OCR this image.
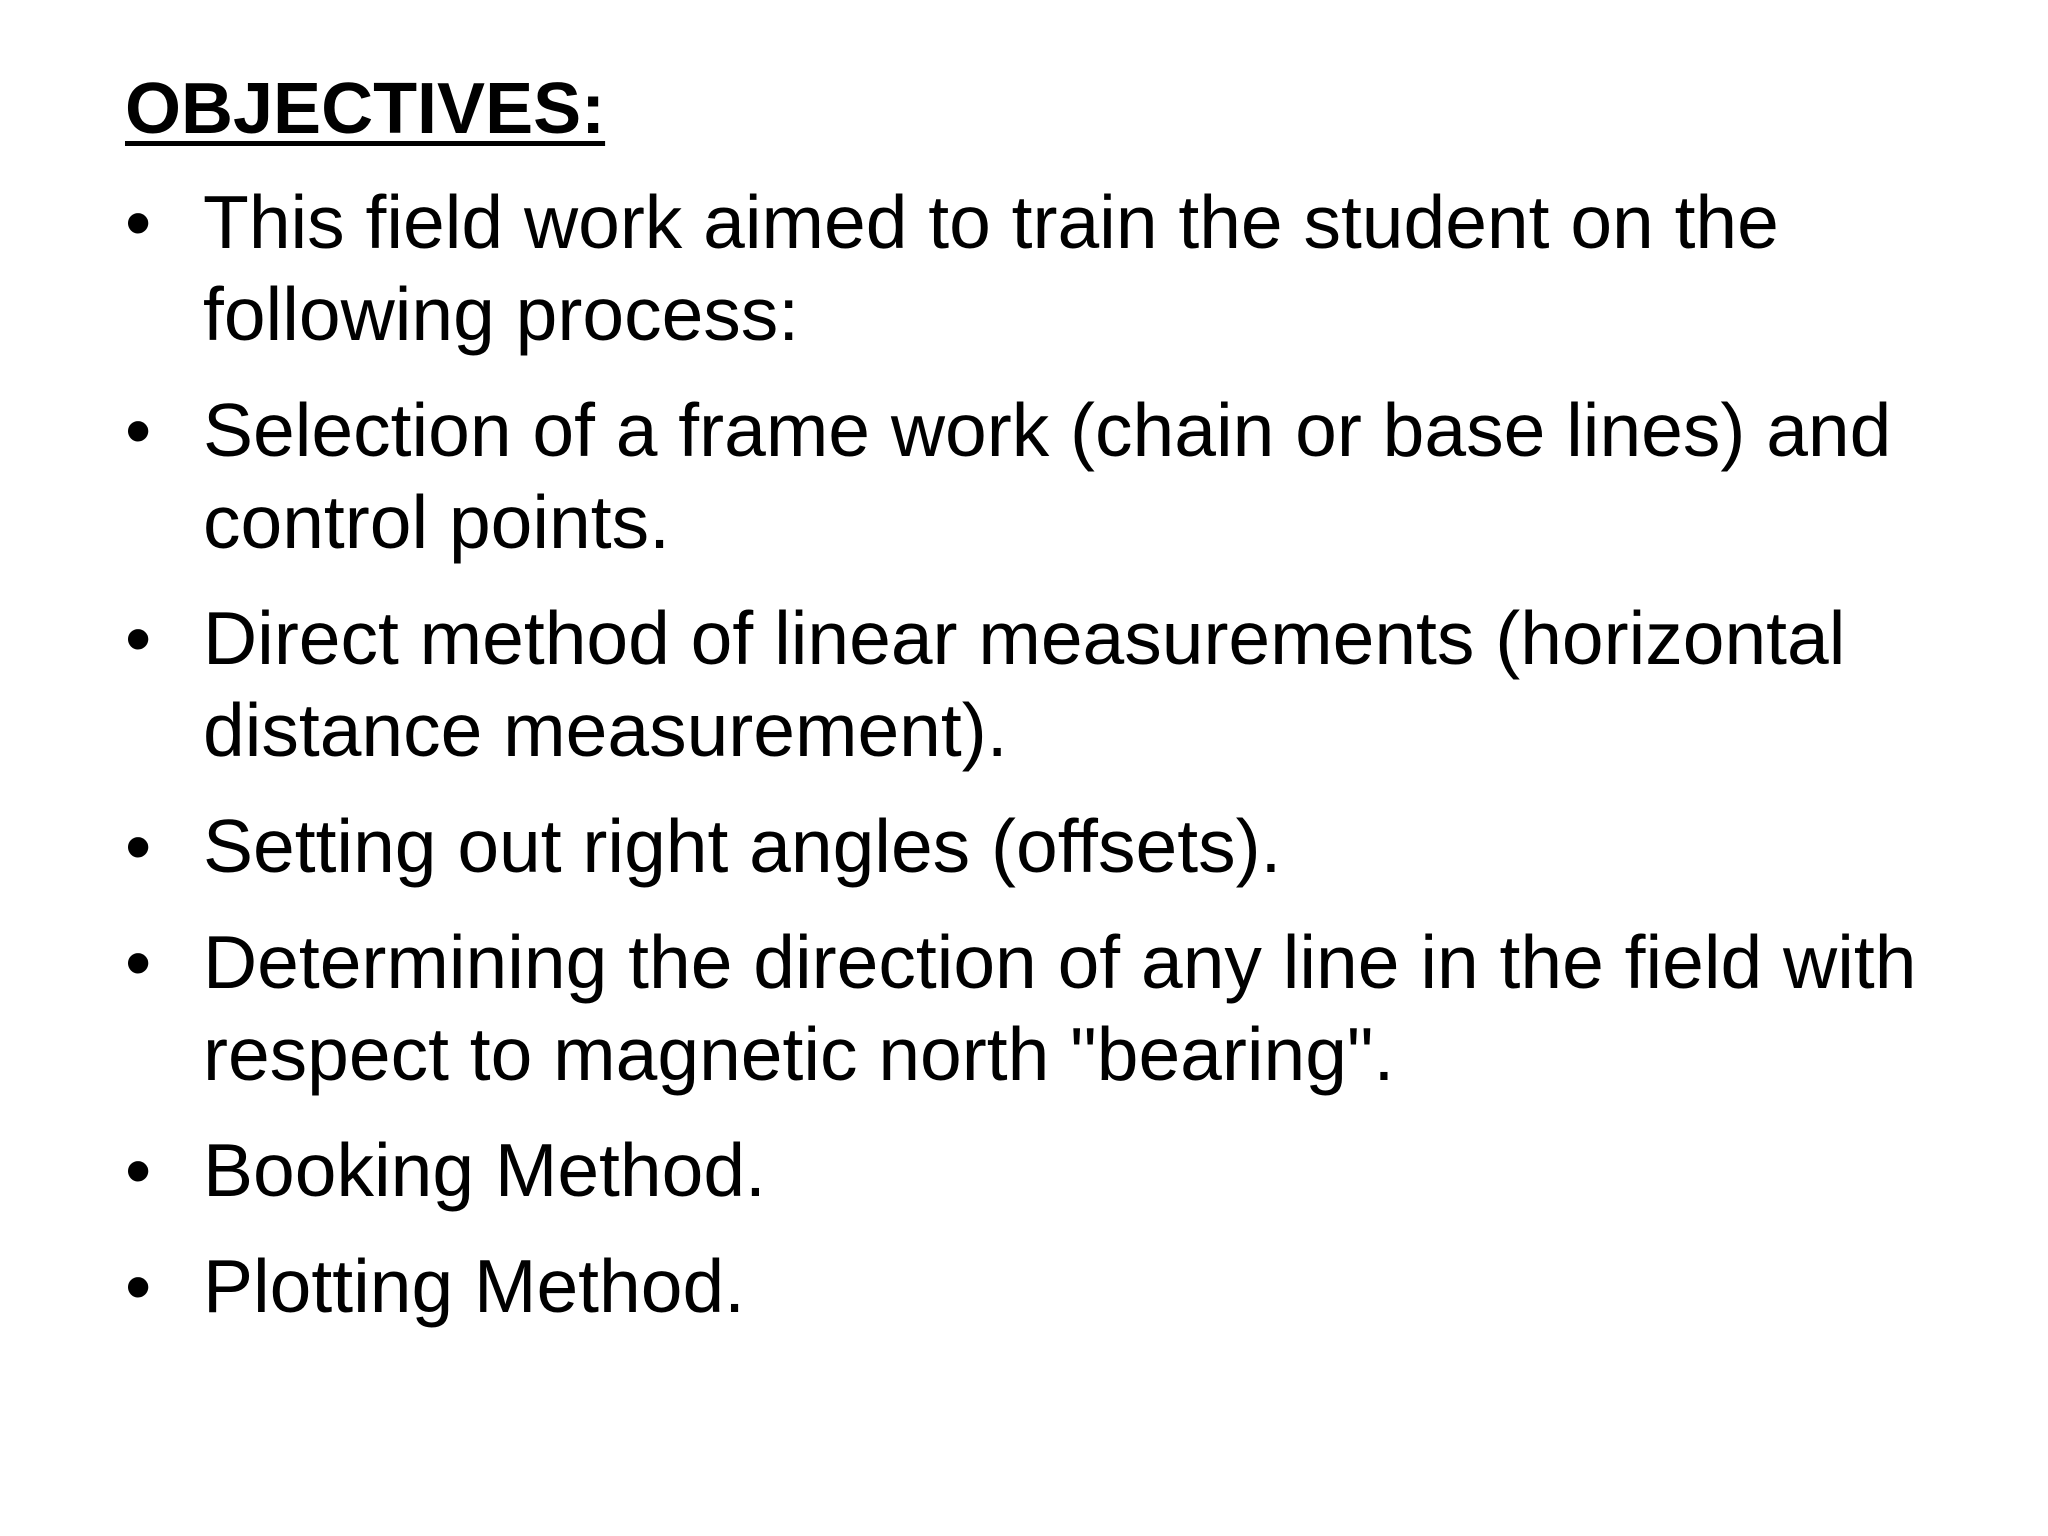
OBJECTIVES:
• This field work aimed to train the student on the following process:
• Selection of a frame work (chain or base lines) and control points.
• Direct method of linear measurements (horizontal distance measurement).
• Setting out right angles (offsets).
• Determining the direction of any line in the field with respect to magnetic north "bearing".
• Booking Method.
• Plotting Method.
